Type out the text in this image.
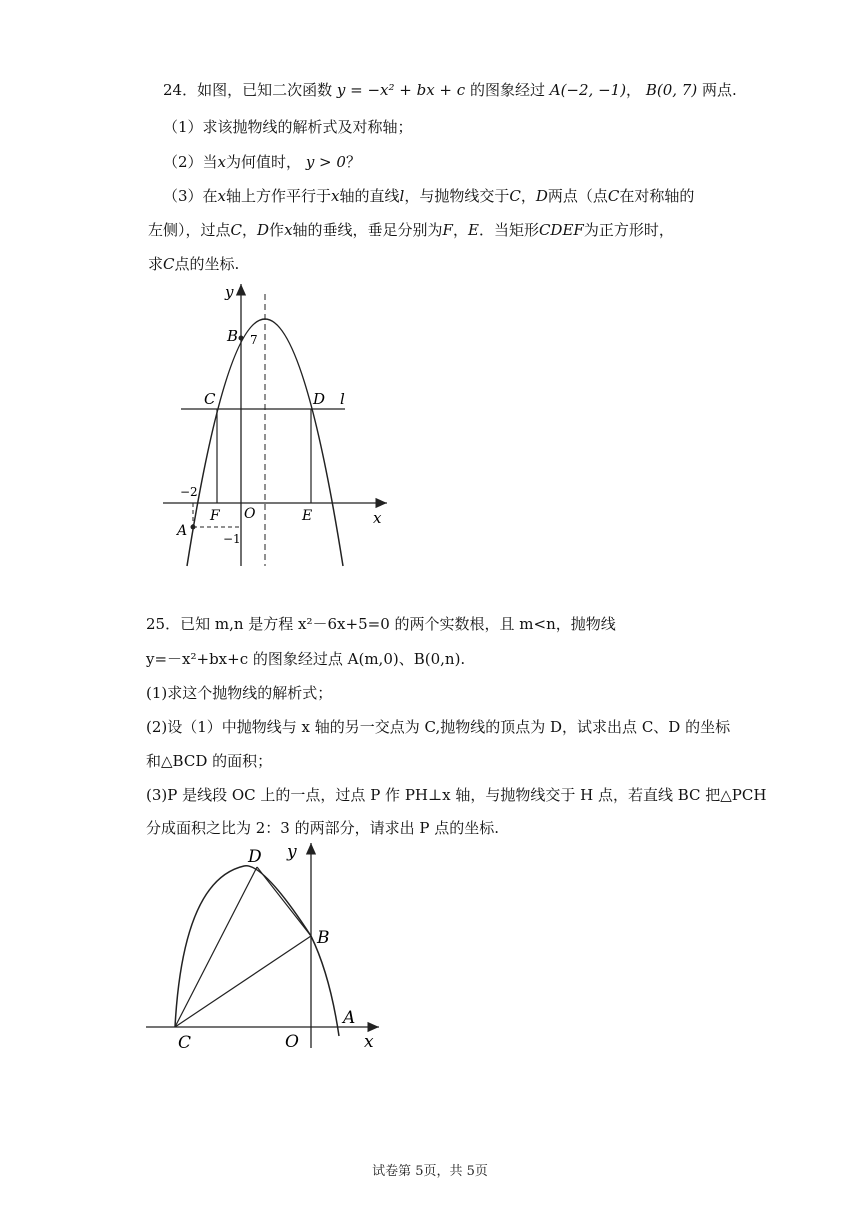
24．如图，已知二次函数 y = −x² + bx + c 的图象经过 A(−2, −1)， B(0, 7) 两点.
（1）求该抛物线的解析式及对称轴；
（2）当x为何值时， y > 0？
（3）在x轴上方作平行于x轴的直线l，与抛物线交于C，D两点（点C在对称轴的
左侧），过点C，D作x轴的垂线，垂足分别为F，E．当矩形CDEF为正方形时，
求C点的坐标.
y
x
B 7
C	D l
−2
F O	E
A	−1
25．已知 m,n 是方程 x²－6x+5=0 的两个实数根，且 m<n，抛物线
y=－x²+bx+c 的图象经过点 A(m,0)、B(0,n).
(1)求这个抛物线的解析式；
(2)设（1）中抛物线与 x 轴的另一交点为 C,抛物线的顶点为 D，试求出点 C、D 的坐标
和△BCD 的面积；
(3)P 是线段 OC 上的一点，过点 P 作 PH⊥x 轴，与抛物线交于 H 点，若直线 BC 把△PCH
分成面积之比为 2：3 的两部分，请求出 P 点的坐标.
D y
B
A
C	O	x
试卷第 5页，共 5页
